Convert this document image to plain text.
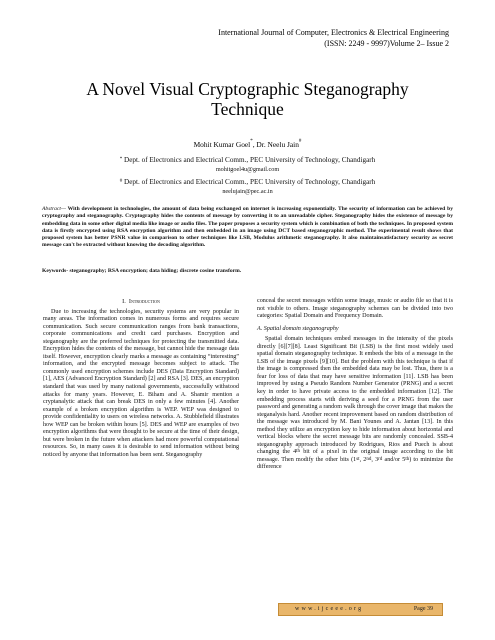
International Journal of Computer, Electronics & Electrical Engineering
(ISSN: 2249 - 9997)Volume 2– Issue 2
A Novel Visual Cryptographic Steganography
Technique
Mohit Kumar Goel*, Dr. Neelu Jain#
* Dept. of Electronics and Electrical Comm., PEC University of Technology, Chandigarh
mohitgoel4u@gmail.com
# Dept. of Electronics and Electrical Comm., PEC University of Technology, Chandigarh
neelujain@pec.ac.in
Abstract— With development in technologies, the amount of data being exchanged on internet is increasing exponentially. The security of information can be achieved by cryptography and steganography. Cryptography hides the contents of message by converting it to an unreadable cipher. Steganography hides the existence of message by embedding data in some other digital media like image or audio files. The paper proposes a security system which is combination of both the techniques. In proposed system data is firstly encrypted using RSA encryption algorithm and then embedded in an image using DCT based steganographic method. The experimental result shows that proposed system has better PSNR value in comparison to other techniques like LSB, Modulus arithmetic steganography. It also maintainsatisfactory security as secret message can't be extracted without knowing the decoding algorithm.
Keywords- steganography; RSA encryption; data hiding; discrete cosine transform.
I. Introduction

Due to increasing the technologies, security systems are very popular in many areas. The information comes in numerous forms and requires secure communication. Such secure communication ranges from bank transactions, corporate communications and credit card purchases. Encryption and steganography are the preferred techniques for protecting the transmitted data. Encryption hides the contents of the message, but cannot hide the message data itself. However, encryption clearly marks a message as containing “interesting” information, and the encrypted message becomes subject to attack. The commonly used encryption schemes include DES (Data Encryption Standard) [1], AES (Advanced Encryption Standard) [2] and RSA [3]. DES, an encryption standard that was used by many national governments, successfully withstood attacks for many years. However, E. Biham and A. Shamir mention a cryptanalytic attack that can break DES in only a few minutes [4]. Another example of a broken encryption algorithm is WEP. WEP was designed to provide confidentiality to users on wireless networks. A. Stubblefield illustrates how WEP can be broken within hours [5]. DES and WEP are examples of two encryption algorithms that were thought to be secure at the time of their design, but were broken in the future when attackers had more powerful computational resources. So, in many cases it is desirable to send information without being noticed by anyone that information has been sent. Steganography

conceal the secret messages within some image, music or audio file so that it is not visible to others. Image steganography schemes can be divided into two categories: Spatial Domain and Frequency Domain.

A. Spatial domain steganography

Spatial domain techniques embed messages in the intensity of the pixels directly [6][7][8]. Least Significant Bit (LSB) is the first most widely used spatial domain steganography technique. It embeds the bits of a message in the LSB of the image pixels [9][10]. But the problem with this technique is that if the image is compressed then the embedded data may be lost. Thus, there is a fear for loss of data that may have sensitive information [11]. LSB has been improved by using a Pseudo Random Number Generator (PRNG) and a secret key in order to have private access to the embedded information [12]. The embedding process starts with deriving a seed for a PRNG from the user password and generating a random walk through the cover image that makes the steganalysis hard. Another recent improvement based on random distribution of the message was introduced by M. Bani Younes and A. Jantan [13]. In this method they utilize an encryption key to hide information about horizontal and vertical blocks where the secret message bits are randomly concealed. SSB-4 steganography approach introduced by Rodrigues, Rios and Puech is about changing the 4th bit of a pixel in the original image according to the bit message. Then modify the other bits (1st, 2nd, 3rd and/or 5th) to minimize the difference

www.ijceee.org	Page 39
